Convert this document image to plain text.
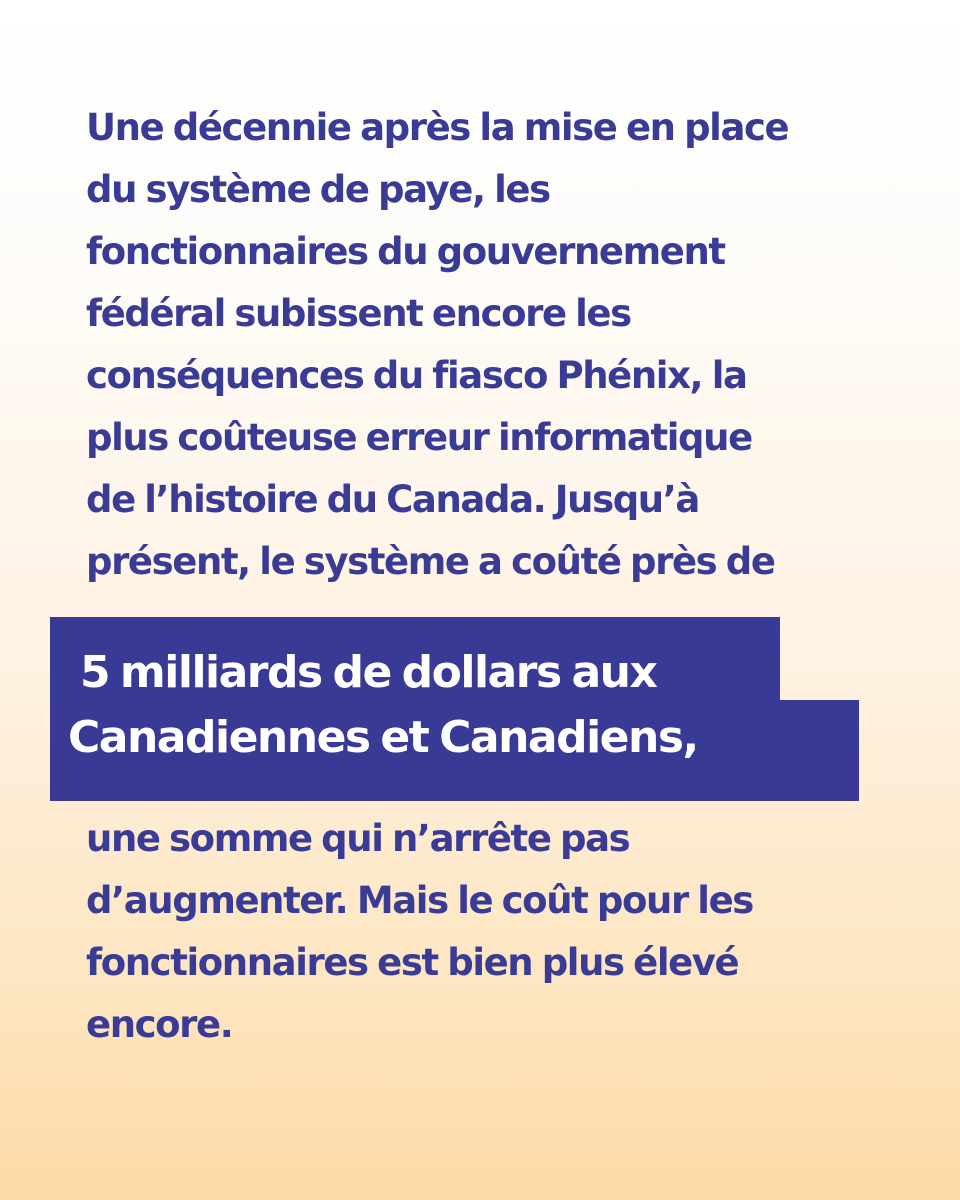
Une décennie après la mise en place
du système de paye, les
fonctionnaires du gouvernement
fédéral subissent encore les
conséquences du fiasco Phénix, la
plus coûteuse erreur informatique
de l’histoire du Canada. Jusqu’à
présent, le système a coûté près de

5 milliards de dollars aux
Canadiennes et Canadiens,

une somme qui n’arrête pas
d’augmenter. Mais le coût pour les
fonctionnaires est bien plus élevé
encore.
